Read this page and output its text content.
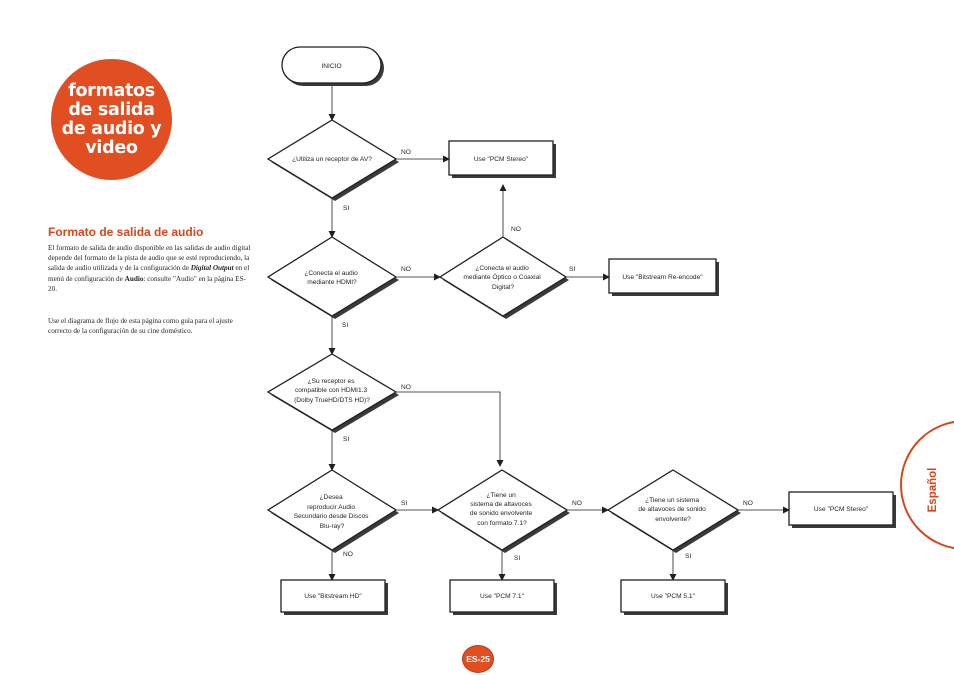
formatos
de salida
de audio y
video
Formato de salida de audio

El formato de salida de audio disponible en las salidas de audio digital depende del formato de la pista de audio que se esté reproduciendo, la salida de audio utilizada y de la configuración de Digital Output en el menú de configuración de Audio: consulte "Audio" en la página ES-20.

Use el diagrama de flujo de esta página como guía para el ajuste correcto de la configuración de su cine doméstico.

INICIO
¿Utiliza un receptor de AV?
¿Conecta el audio mediante HDMI?
¿Conecta el audio mediante Óptico o Coaxial Digital?
¿Su receptor es compatible con HDMI1.3 (Dolby TrueHD/DTS HD)?
¿Desea reproducir Audio Secundario desde Discos Blu-ray?
¿Tiene un sistema de altavoces de sonido envolvente con formato 7.1?
¿Tiene un sistema de altavoces de sonido envolvente?
Use "PCM Stereo"
Use "Bitstream Re-encode"
Use "PCM Stereo"
Use "Bitstream HD"	Use "PCM 7.1"	Use "PCM 5.1"
NO
SI
NO
NO	SI
SI
NO
SI
SI	NO	NO
NO
SI	SI
Español
ES-25
